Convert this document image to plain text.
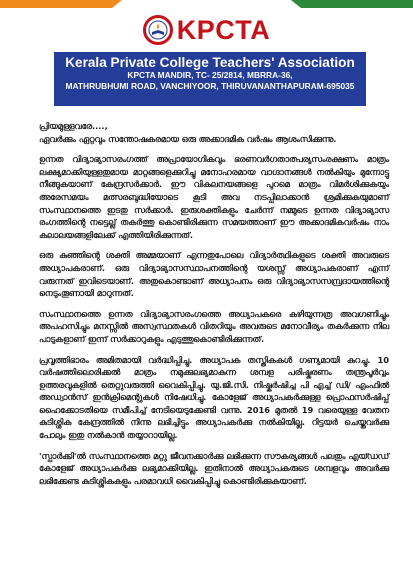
KPCTA
Kerala Private College Teachers' Association
KPCTA MANDIR, TC- 25/2814, MBRRA-36,
MATHRUBHUMI ROAD, VANCHIYOOR, THIRUVANANTHAPURAM-695035
പ്രിയമുള്ളവരേ....,

ഏവർക്കും ഏറ്റവും സന്തോഷകരമായ ഒരു അക്കാദമിക വർഷം ആശംസിക്കുന്നു.

ഉന്നത വിദ്യാഭ്യാസരംഗത്ത് അപ്രായോഗികവും ഭരണവർഗതാത്പര്യസംരക്ഷണം മാത്രം ലക്ഷ്യമാക്കിയുള്ളതുമായ മാറ്റങ്ങളെക്കുറിച്ചു മനോഹരമായ വാഗ്ദാനങ്ങൾ നൽകിയും മുന്നോട്ടു നീങ്ങുകയാണ് കേന്ദ്രസർക്കാർ. ഈ വികലനയങ്ങളെ പുറമെ മാത്രം വിമർശിക്കുകയും അരേസമയം മത്സരബുദ്ധിയോടെ കൂടി അവ നടപ്പിലാക്കാൻ ശ്രമിക്കുകയുമാണ് സംസ്ഥാനത്തെ ഇടതു സർക്കാർ. ഇരുശക്തികളും ചേർന്ന് നമ്മുടെ ഉന്നത വിദ്യാഭ്യാസ രംഗത്തിന്റെ നട്ടെല്ല് തകർത്തു കൊണ്ടിരിക്കുന്ന സമയത്താണ് ഈ അക്കാദമികവർഷം നാം കലാലയങ്ങളിലേക്ക് എത്തിയിരിക്കുന്നത്.

ഒരു കുഞ്ഞിന്റെ ശക്തി അമ്മയാണ് എന്നതുപോലെ വിദ്യാർത്ഥികളുടെ ശക്തി അവരുടെ അധ്യാപകരാണ്. ഒരു വിദ്യാഭ്യാസസ്ഥാപനത്തിന്റെ യശസ്സ് അധ്യാപകരാണ് എന്ന് വരുന്നത് ഇവിടെയാണ്. അതുകൊണ്ടാണ് അധ്യാപനം ഒരു വിദ്യാഭ്യാസസമ്പ്രദായത്തിന്റെ നെടുംതൂണായി മാറുന്നത്.

സംസ്ഥാനത്തെ ഉന്നത വിദ്യാഭ്യാസരംഗത്തെ അധ്യാപകരെ കഴിയുന്നത്ര അവഗണിച്ചും അപഹസിച്ചും മനസ്സിൽ അസ്വസ്ഥതകൾ വിതറിയും അവരുടെ മനോവീര്യം തകർക്കുന്ന നില പാടുകളാണ് ഇന്ന് സർക്കാറുകളും എടുത്തുകൊണ്ടിരിക്കുന്നത്.

പ്രവൃത്തിഭാരം അമിതമായി വർദ്ധിപ്പിച്ചു. അധ്യാപക തസ്തികകൾ ഗണ്യമായി കുറച്ചു. 10 വർഷത്തിലൊരിക്കൽ മാത്രം നമുക്കുലഭ്യമാകുന്ന ശമ്പള പരിഷ്കരണം തന്ത്രപൂർവ്വം ഉത്തരവുകളിൽ തെറ്റുവരുത്തി വൈകിപ്പിച്ചു. യു.ജി.സി. നിഷ്കർഷിച്ച പി എച്ച് ഡി/ എംഫിൽ അഡ്വാൻസ് ഇൻക്രിമെന്റുകൾ നിഷേധിച്ചു. കോളേജ് അധ്യാപകർക്കുള്ള പ്രൊഫസർഷിപ്പ് ഹൈക്കോടതിയെ സമീപിച്ച് നേടിയെടുക്കേണ്ടി വന്നു. 2016 മുതൽ 19 വരെയുള്ള വേതന കുടിശ്ശിക കേന്ദ്രത്തിൽ നിന്നു ലഭിച്ചിട്ടും അധ്യാപകർക്കു നൽകിയില്ല. റിട്ടയർ ചെയ്തവർക്കു പോലും ഇതു നൽകാൻ തയ്യാറായില്ല.

'സ്പാർക്കി'ൽ സംസ്ഥാനത്തെ മറ്റു ജീവനക്കാർക്കു ലഭിക്കുന്ന സൗകര്യങ്ങൾ പലതും എയ്ഡഡ് കോളേജ് അധ്യാപകർക്കു ലഭ്യമാക്കിയില്ല. ഇതിനാൽ അധ്യാപകരുടെ ശമ്പളവും അവർക്കു ലഭിക്കേണ്ട കുടിശ്ശികകളും പരമാവധി വൈകിപ്പിച്ചു കൊണ്ടിരിക്കുകയാണ്.
